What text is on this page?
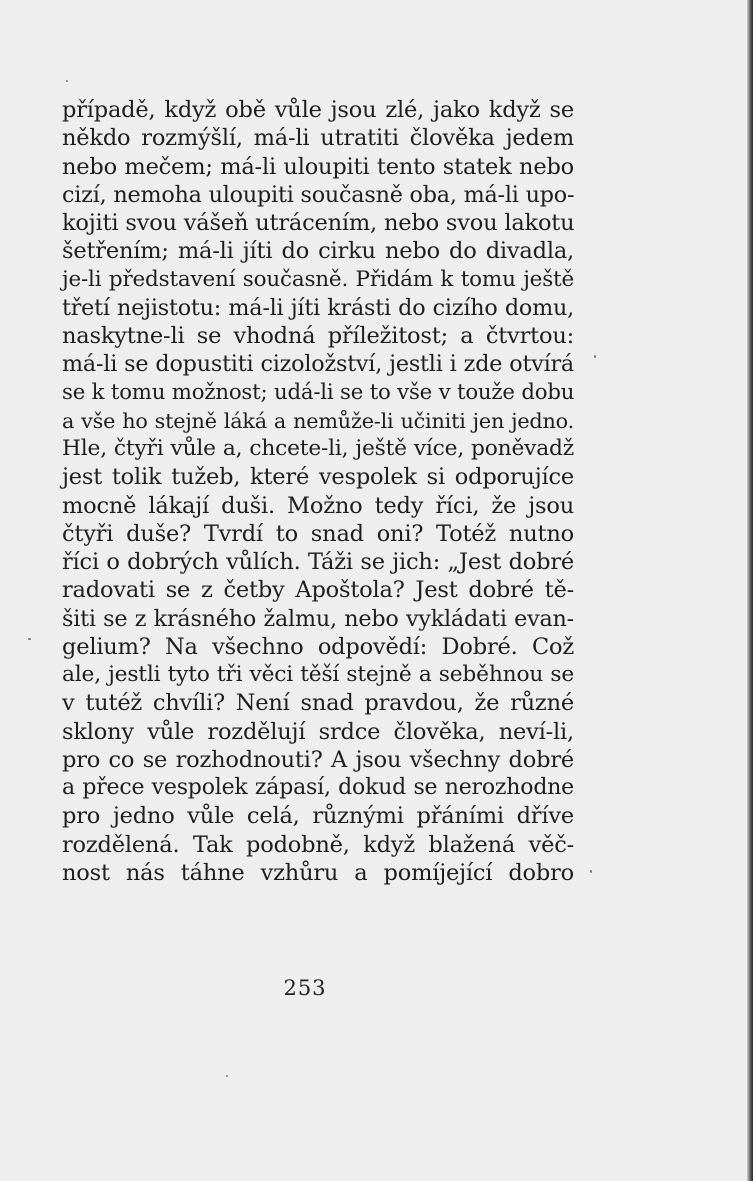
případě, když obě vůle jsou zlé, jako když se
někdo rozmýšlí, má-li utratiti člověka jedem
nebo mečem; má-li uloupiti tento statek nebo
cizí, nemoha uloupiti současně oba, má-li upo-
kojiti svou vášeň utrácením, nebo svou lakotu
šetřením; má-li jíti do cirku nebo do divadla,
je-li představení současně. Přidám k tomu ještě
třetí nejistotu: má-li jíti krásti do cizího domu,
naskytne-li se vhodná příležitost; a čtvrtou:
má-li se dopustiti cizoložství, jestli i zde otvírá
se k tomu možnost; udá-li se to vše v touže dobu
a vše ho stejně láká a nemůže-li učiniti jen jedno.
Hle, čtyři vůle a, chcete-li, ještě více, poněvadž
jest tolik tužeb, které vespolek si odporujíce
mocně lákají duši. Možno tedy říci, že jsou
čtyři duše? Tvrdí to snad oni? Totéž nutno
říci o dobrých vůlích. Táži se jich: „Jest dobré
radovati se z četby Apoštola? Jest dobré tě-
šiti se z krásného žalmu, nebo vykládati evan-
gelium? Na všechno odpovědí: Dobré. Což
ale, jestli tyto tři věci těší stejně a seběhnou se
v tutéž chvíli? Není snad pravdou, že různé
sklony vůle rozdělují srdce člověka, neví-li,
pro co se rozhodnouti? A jsou všechny dobré
a přece vespolek zápasí, dokud se nerozhodne
pro jedno vůle celá, různými přáními dříve
rozdělená. Tak podobně, když blažená věč-
nost nás táhne vzhůru a pomíjející dobro
253
